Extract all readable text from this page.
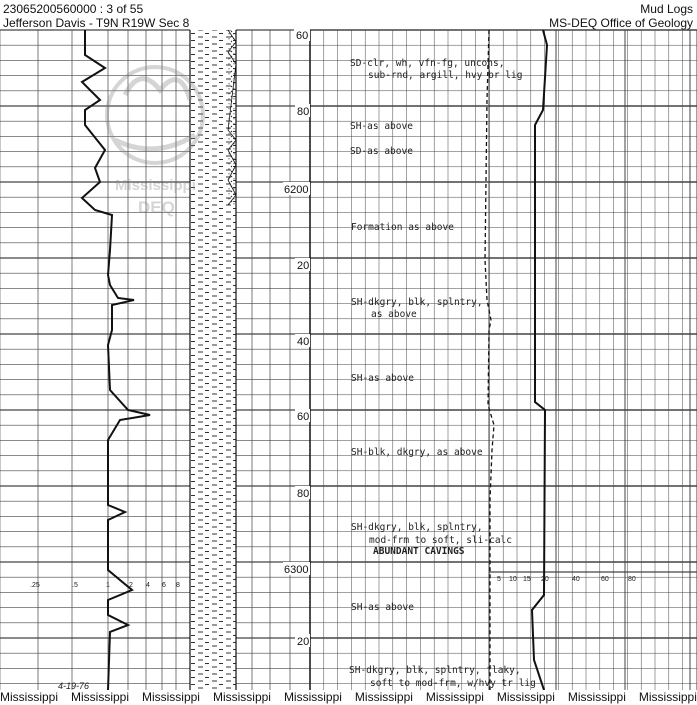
23065200560000 : 3 of 55
Jefferson Davis - T9N R19W Sec 8
Mud Logs
MS-DEQ Office of Geology
.25	.5	1	2 4 6 8
4-19-76
5 10 15 20	40	60	80
60
80
6200
20
40
60
80
6300
20
SD-clr, wh, vfn-fg, uncons,
sub-rnd, argill, hvy br lig
SH-as above
SD-as above
Formation as above
SH-dkgry, blk, splntry,
as above
SH-as above
SH-blk, dkgry, as above
SH-dkgry, blk, splntry,
mod-frm to soft, sli-calc
ABUNDANT CAVINGS
SH-as above
SH-dkgry, blk, splntry, flaky,
soft to mod-frm, w/hvy tr lig
Mississippi
DEQ
Mississippi Mississippi Mississippi Mississippi Mississippi Mississippi Mississippi Mississippi Mississippi Mississippi
